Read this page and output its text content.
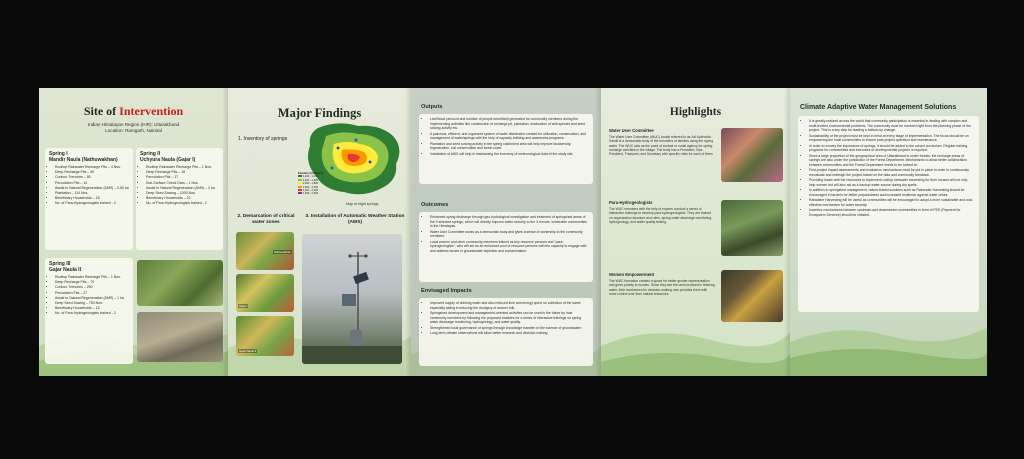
Site of Intervention
Indian Himalayan Region (IHR): Uttarakhand
Location: Ramgarh, Nainital
Spring I
Mandir Naula (Nathuwakhan)
• Rooftop Rainwater Recharge Pits – 4 Nos.
• Deep Recharge Pits – 90
• Contour Trenches – 50
• Percolation Pits – 13
• Assist to Natural Regeneration (ANR) – 0.50 ha
• Plantation – 110 Nos.
• Beneficiary Households – 18
• No. of Para-Hydrogeologists trained - 2
Spring II
Uchyura Naula (Gajar I)
• Rooftop Rainwater Recharge Pits – 1 Nos.
• Deep Recharge Pits – 18
• Percolation Pits – 17
• Sub-Surface Check Dam – 1 Nos.
• Assist to Natural Regeneration (ANR) – 2 ha
• Deep Seed Sowing – 1000 Nos.
• Beneficiary Households – 22
• No. of Para-Hydrogeologists trained - 2
Spring III
Gajar Naula II
• Rooftop Rainwater Recharge Pits – 1 Nos.
• Deep Recharge Pits – 70
• Contour Trenches – 290
• Percolation Pits – 27
• Assist to Natural Regeneration (ANR) – 1 ha
• Deep Seed Sowing – 750 Nos.
• Beneficiary Households – 13
• No. of Para-Hydrogeologists trained - 2
Major Findings
1. Inventory of springs
Elevation (in Meters)
1,200 - 1,400
1,400 - 1,600
1,600 - 1,800
1,800 - 2,000
2,000 - 2,200
2,200 - 2,400
Map of eight springs
2. Demarcation of critical water zones
3. Installation of Automatic Weather Station (AWS)
Nathuwakhan
Gajar I
Gajar Naula II
Outputs
• Livelihood (amount and number of people benefited) generated for community members during the implementing activities like construction of recharge pit, plantation, eradication of wild species and seed sowing activity etc.
• A judicious, efficient, and organized system of water distribution created for utilization, conservation, and management of water/springs with the help of capacity building and awareness programs.
• Plantation and seed sowing activity in the spring catchment area will help improve biodiversity, regeneration, soil conservation and forest cover.
• Installation of AWS will help in maintaining the inventory of meteorological data of the study site.
Outcomes
• Enhanced spring discharge through geo-hydrological investigation and treatment of springshed areas of the 3 selected springs, which will directly improve water security to the 3 remote, vulnerable communities in the Himalayas.
• Water User Committee works as a democratic body and gives a sense of ownership to the community members.
• Local women and other community members trained as key resource persons and "para-hydrogeologists", who will act as an enhanced pool of resource persons with the capacity to engage with and address issues in groundwater depletion and contamination.
Envisaged Impacts
• Improved supply of drinking water and also reduced time and energy spent on collection of the same especially aiding in reducing the drudgery of women folk.
• Springshed development and management-oriented activities can be used in the future by host community members by following the proposed modules for a series of interactive trainings on spring water discharge monitoring, hydrogeology, and water quality.
• Strengthened local governance of springs through knowledge transfer on the science of groundwater.
• Long-term climate observations will allow better research and decision-making.
Highlights
Water User Committee

The Water User Committee (WUC) locally referred to as Jal Upbhokta Samiti is a democratic body of the members of families using the spring water. The WUC acts as the point of contact or nodal agency for spring recharge activities in the village. The body has a President, Vice-President, Treasurer, and Secretary with specific roles for each of them.

Para-Hydrogeologists

The WUC members with the help of experts conduct a series of interactive trainings to develop para-hydrogeologists. They are trained on organization structure and roles, spring water discharge monitoring, hydrogeology, and water quality testing.

Women Empowerment

The WUC formation creates a space for better gender representation and gives priority to women. Since they are the ones involved in fetching water, their involvement in decision-making now provides them with more control over their natural resources.

Climate Adaptive Water Management Solutions
• It is greatly realized across the world that community participation is essential in dealing with complex and multi-leveled environmental problems. The community must be involved right from the planning phase of the project. This is a key step for leading a bottom-up change.
• Sustainability of the project must be kept in mind at every stage of implementation. The focus should be on empowering the local communities to ensure post-project operation and maintenance.
• In order to convey the importance of springs, it should be added to the school curriculum. Regular training programs for communities and executors of developmental projects is required.
• Since a large proportion of the geographical area of Uttarakhand is under forests, the recharge areas of springs are also under the jurisdiction of the Forest Department. Mechanisms to allow better collaboration between communities and the Forest Department needs to be looked at.
• Post-project impact assessments and evaluation mechanisms must be put in place in order to continuously reevaluate and redesign the project based on the data and community feedback.
• Providing locals with the resources to implement rooftop rainwater harvesting for their houses will not only help women but will also act as a backup water source during dry spells.
• In addition to springshed management, nature-based solutions such as Rainwater Harvesting should be encouraged in tandem for better preparedness and increased resilience against water crises.
• Rainwater Harvesting will be useful as communities will be encouraged to adopt a more sustainable and cost-effective mechanism for water security.
• Incentive mechanisms between upstream and downstream communities in form of PES (Payment for Ecosystem Services) should be initiated.
